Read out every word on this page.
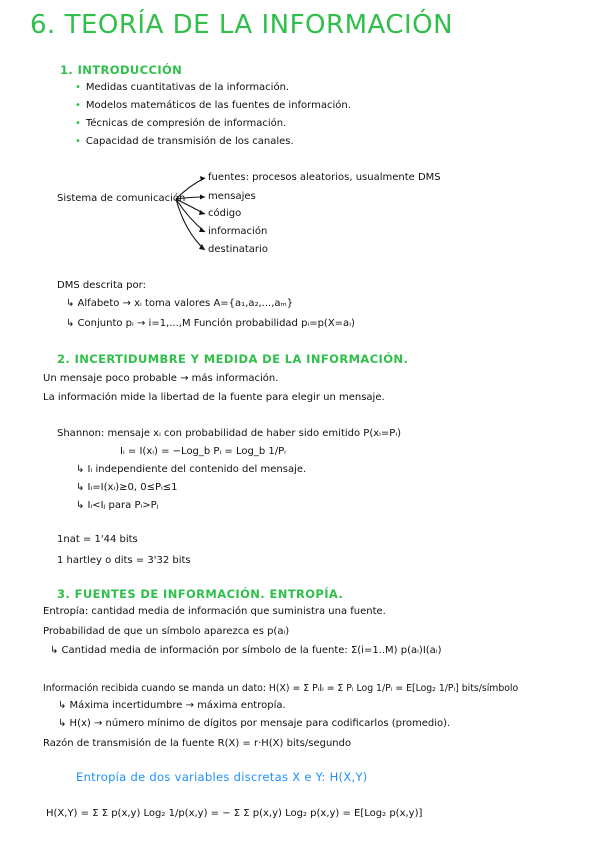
6. TEORÍA DE LA INFORMACIÓN
1. INTRODUCCIÓN
• Medidas cuantitativas de la información.
• Modelos matemáticos de las fuentes de información.
• Técnicas de compresión de información.
• Capacidad de transmisión de los canales.
Sistema de comunicación
fuentes: procesos aleatorios, usualmente DMS
mensajes
código
información
destinatario
DMS descrita por:
↳ Alfabeto → xᵢ toma valores A={a₁,a₂,...,aₘ}
↳ Conjunto pᵢ → i=1,...,M Función probabilidad pᵢ=p(X=aᵢ)
2. INCERTIDUMBRE Y MEDIDA DE LA INFORMACIÓN.
Un mensaje poco probable → más información.
La información mide la libertad de la fuente para elegir un mensaje.
Shannon: mensaje xᵢ con probabilidad de haber sido emitido P(xᵢ=Pᵢ)
Iᵢ = I(xᵢ) = −Log_b Pᵢ = Log_b 1/Pᵢ
↳ Iᵢ independiente del contenido del mensaje.
↳ Iᵢ=I(xᵢ)≥0, 0≤Pᵢ≤1
↳ Iᵢ<Iⱼ para Pᵢ>Pⱼ
1nat = 1'44 bits
1 hartley o dits = 3'32 bits
3. FUENTES DE INFORMACIÓN. ENTROPÍA.
Entropía: cantidad media de información que suministra una fuente.
Probabilidad de que un símbolo aparezca es p(aᵢ)
↳ Cantidad media de información por símbolo de la fuente: Σ(i=1..M) p(aᵢ)I(aᵢ)
Información recibida cuando se manda un dato: H(X) = Σ PᵢIᵢ = Σ Pᵢ Log 1/Pᵢ = E[Log₂ 1/Pᵢ] bits/símbolo
↳ Máxima incertidumbre → máxima entropía.
↳ H(x) → número mínimo de dígitos por mensaje para codificarlos (promedio).
Razón de transmisión de la fuente R(X) = r·H(X) bits/segundo
Entropía de dos variables discretas X e Y: H(X,Y)
H(X,Y) = Σ Σ p(x,y) Log₂ 1/p(x,y) = − Σ Σ p(x,y) Log₂ p(x,y) = E[Log₂ p(x,y)]
